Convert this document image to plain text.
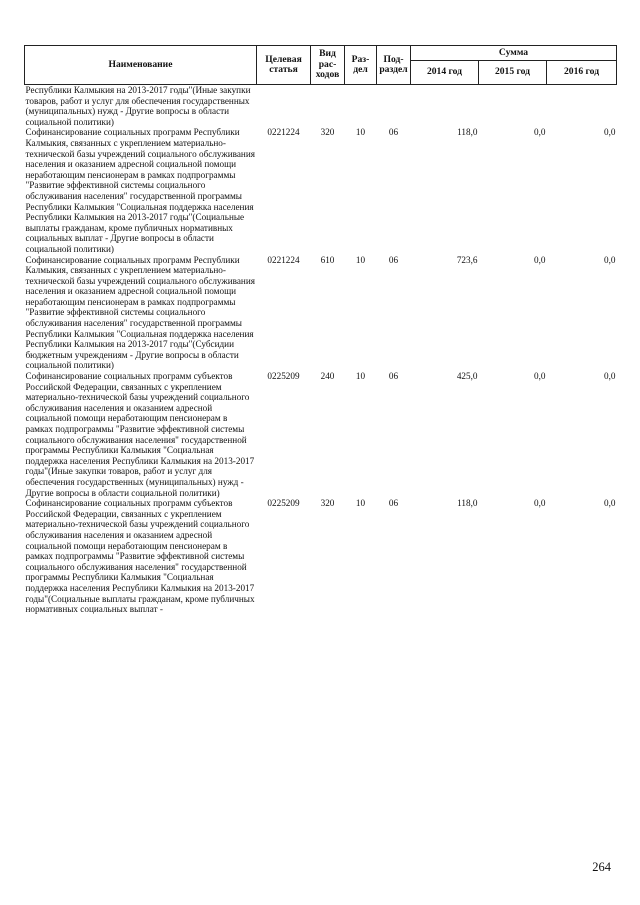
Наименование	Целевая статья	Вид рас-ходов	Раз-дел	Под-раздел	Сумма		
					2014 год	2015 год	2016 год
Республики Калмыкия на 2013-2017 годы"(Иные закупки товаров, работ и услуг для обеспечения государственных (муниципальных) нужд - Другие вопросы в области социальной политики)							
Софинансирование социальных программ Республики Калмыкия, связанных с укреплением материально-технической базы учреждений социального обслуживания населения и оказанием адресной социальной помощи неработающим пенсионерам в рамках подпрограммы "Развитие эффективной системы социального обслуживания населения" государственной программы Республики Калмыкия "Социальная поддержка населения Республики Калмыкия на 2013-2017 годы"(Социальные выплаты гражданам, кроме публичных нормативных социальных выплат - Другие вопросы в области социальной политики)	0221224	320	10	06	118,0	0,0	0,0
Софинансирование социальных программ Республики Калмыкия, связанных с укреплением материально-технической базы учреждений социального обслуживания населения и оказанием адресной социальной помощи неработающим пенсионерам в рамках подпрограммы "Развитие эффективной системы социального обслуживания населения" государственной программы Республики Калмыкия "Социальная поддержка населения Республики Калмыкия на 2013-2017 годы"(Субсидии бюджетным учреждениям - Другие вопросы в области социальной политики)	0221224	610	10	06	723,6	0,0	0,0
Софинансирование социальных программ субъектов Российской Федерации, связанных с укреплением материально-технической базы учреждений социального обслуживания населения и оказанием адресной социальной помощи неработающим пенсионерам в рамках подпрограммы "Развитие эффективной системы социального обслуживания населения" государственной программы Республики Калмыкия "Социальная поддержка населения Республики Калмыкия на 2013-2017 годы"(Иные закупки товаров, работ и услуг для обеспечения государственных (муниципальных) нужд - Другие вопросы в области социальной политики)	0225209	240	10	06	425,0	0,0	0,0
Софинансирование социальных программ субъектов Российской Федерации, связанных с укреплением материально-технической базы учреждений социального обслуживания населения и оказанием адресной социальной помощи неработающим пенсионерам в рамках подпрограммы "Развитие эффективной системы социального обслуживания населения" государственной программы Республики Калмыкия "Социальная поддержка населения Республики Калмыкия на 2013-2017 годы"(Социальные выплаты гражданам, кроме публичных нормативных социальных выплат -	0225209	320	10	06	118,0	0,0	0,0
264
